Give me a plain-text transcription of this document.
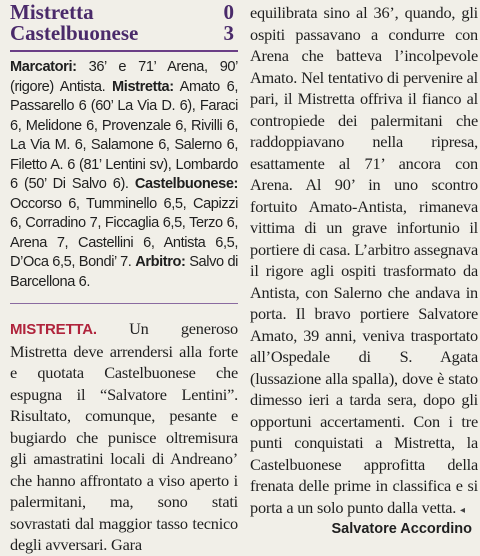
Mistretta	0
Castelbuonese	3
Marcatori: 36’ e 71’ Arena, 90’ (rigore) Antista. Mistretta: Amato 6, Passarello 6 (60’ La Via D. 6), Faraci 6, Melidone 6, Provenzale 6, Rivilli 6, La Via M. 6, Salamone 6, Salerno 6, Filetto A. 6 (81’ Lentini sv), Lombardo 6 (50’ Di Salvo 6). Castelbuonese: Occorso 6, Tumminello 6,5, Capizzi 6, Corradino 7, Ficcaglia 6,5, Terzo 6, Arena 7, Castellini 6, Antista 6,5, D’Oca 6,5, Bondi’ 7. Arbitro: Salvo di Barcellona 6.
MISTRETTA. Un generoso Mistretta deve arrendersi alla forte e quotata Castelbuonese che espugna il “Salvatore Lentini”. Risultato, comunque, pesante e bugiardo che punisce oltremisura gli amastratini locali di Andreano’ che hanno affrontato a viso aperto i palermitani, ma, sono stati sovrastati dal maggior tasso tecnico degli avversari. Gara
equilibrata sino al 36’, quando, gli ospiti passavano a condurre con Arena che batteva l’incolpevole Amato. Nel tentativo di pervenire al pari, il Mistretta offriva il fianco al contropiede dei palermitani che raddoppiavano nella ripresa, esattamente al 71’ ancora con Arena. Al 90’ in uno scontro fortuito Amato-Antista, rimaneva vittima di un grave infortunio il portiere di casa. L’arbitro assegnava il rigore agli ospiti trasformato da Antista, con Salerno che andava in porta. Il bravo portiere Salvatore Amato, 39 anni, veniva trasportato all’Ospedale di S. Agata (lussazione alla spalla), dove è stato dimesso ieri a tarda sera, dopo gli opportuni accertamenti. Con i tre punti conquistati a Mistretta, la Castelbuonese approfitta della frenata delle prime in classifica e si porta a un solo punto dalla vetta. ◂
Salvatore Accordino
